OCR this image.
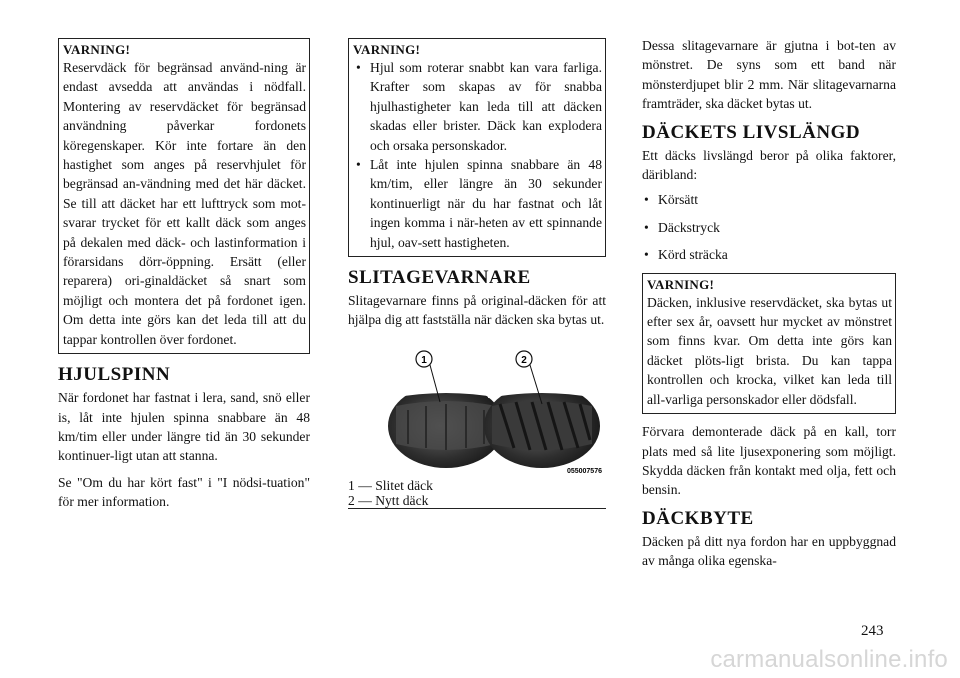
VARNING!
Reservdäck för begränsad använd-ning är endast avsedda att användas i nödfall. Montering av reservdäcket för begränsad användning påverkar fordonets köregenskaper. Kör inte fortare än den hastighet som anges på reservhjulet för begränsad an-vändning med det här däcket. Se till att däcket har ett lufttryck som mot-svarar trycket för ett kallt däck som anges på dekalen med däck- och lastinformation i förarsidans dörr-öppning. Ersätt (eller reparera) ori-ginaldäcket så snart som möjligt och montera det på fordonet igen. Om detta inte görs kan det leda till att du tappar kontrollen över fordonet.
HJULSPINN

När fordonet har fastnat i lera, sand, snö eller is, låt inte hjulen spinna snabbare än 48 km/tim eller under längre tid än 30 sekunder kontinuer-ligt utan att stanna.

Se "Om du har kört fast" i "I nödsi-tuation" för mer information.

VARNING!
• Hjul som roterar snabbt kan vara farliga. Krafter som skapas av för snabba hjulhastigheter kan leda till att däcken skadas eller brister. Däck kan explodera och orsaka personskador.
• Låt inte hjulen spinna snabbare än 48 km/tim, eller längre än 30 sekunder kontinuerligt när du har fastnat och låt ingen komma i när-heten av ett spinnande hjul, oav-sett hastigheten.
SLITAGEVARNARE

Slitagevarnare finns på original-däcken för att hjälpa dig att fastställa när däcken ska bytas ut.

1	2
055007576
1 — Slitet däck
2 — Nytt däck

Dessa slitagevarnare är gjutna i bot-ten av mönstret. De syns som ett band när mönsterdjupet blir 2 mm. När slitagevarnarna framträder, ska däcket bytas ut.

DÄCKETS LIVSLÄNGD

Ett däcks livslängd beror på olika faktorer, däribland:

• Körsätt
• Däckstryck
• Körd sträcka
VARNING!
Däcken, inklusive reservdäcket, ska bytas ut efter sex år, oavsett hur mycket av mönstret som finns kvar. Om detta inte görs kan däcket plöts-ligt brista. Du kan tappa kontrollen och krocka, vilket kan leda till all-varliga personskador eller dödsfall.

Förvara demonterade däck på en kall, torr plats med så lite ljusexponering som möjligt. Skydda däcken från kontakt med olja, fett och bensin.

DÄCKBYTE

Däcken på ditt nya fordon har en uppbyggnad av många olika egenska-

243
carmanualsonline.info
